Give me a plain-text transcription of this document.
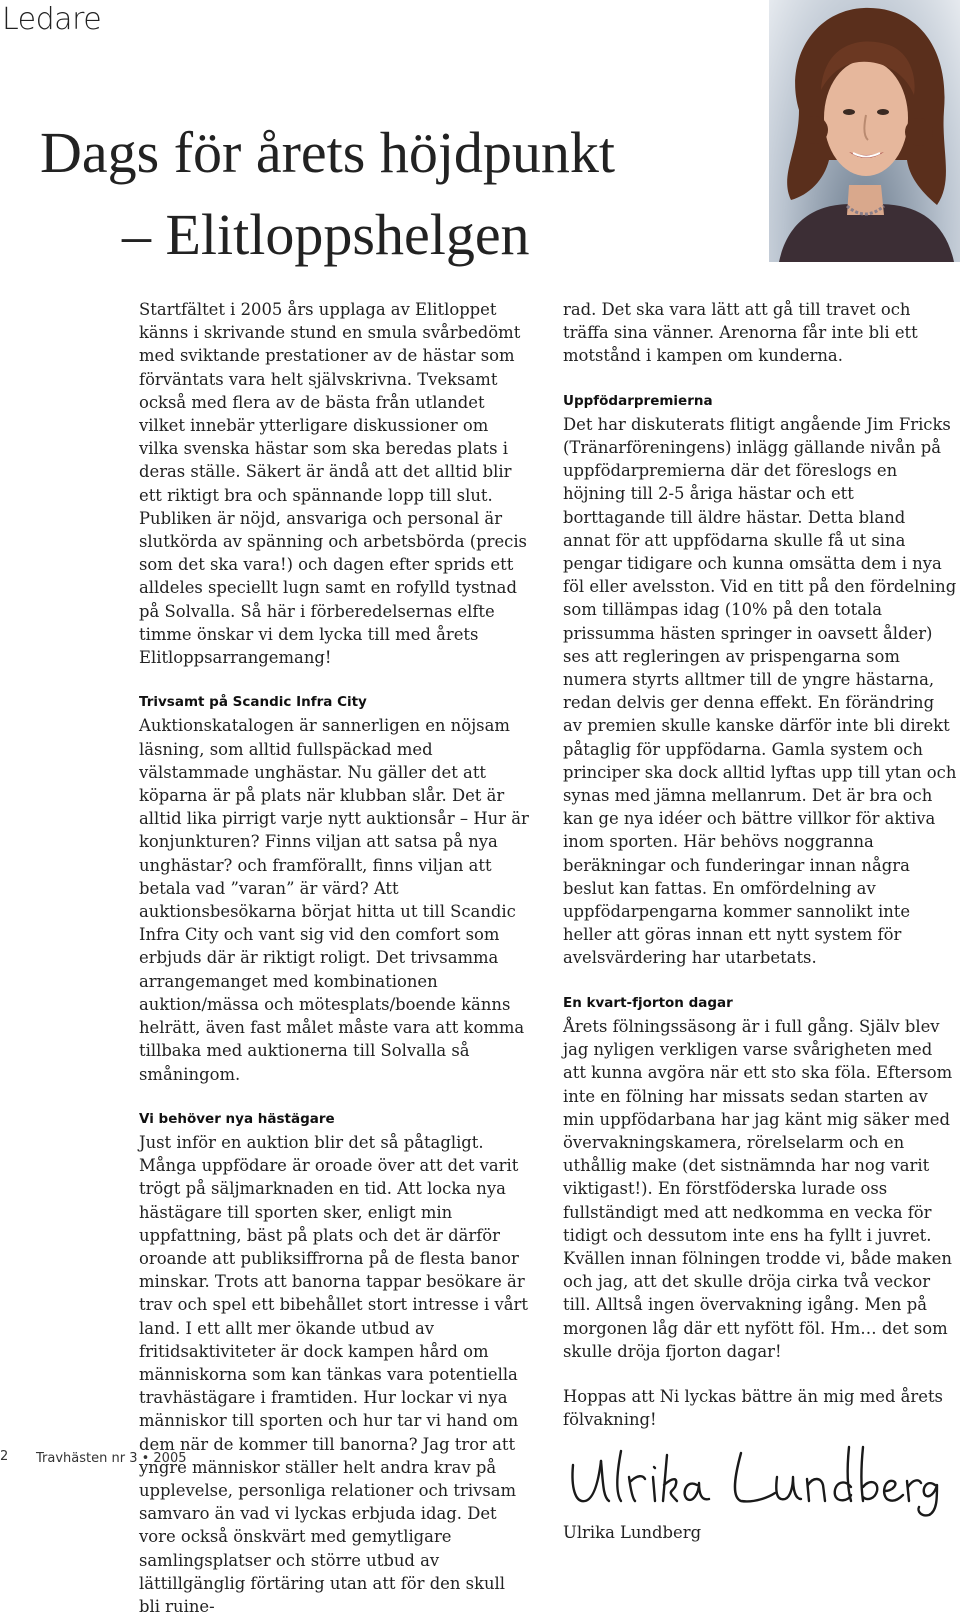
Ledare
Dags för årets höjdpunkt
– Elitloppshelgen

Startfältet i 2005 års upplaga av Elitloppet känns i skrivande stund en smula svårbedömt med sviktande prestationer av de hästar som förväntats vara helt självskrivna. Tveksamt också med flera av de bästa från utlandet vilket innebär ytterligare diskussioner om vilka svenska hästar som ska beredas plats i deras ställe. Säkert är ändå att det alltid blir ett riktigt bra och spännande lopp till slut. Publiken är nöjd, ansvariga och personal är slutkörda av spänning och arbetsbörda (precis som det ska vara!) och dagen efter sprids ett alldeles speciellt lugn samt en rofylld tystnad på Solvalla. Så här i förberedelsernas elfte timme önskar vi dem lycka till med årets Elitloppsarrangemang!

Trivsamt på Scandic Infra City

Auktionskatalogen är sannerligen en nöjsam läsning, som alltid fullspäckad med välstammade unghästar. Nu gäller det att köparna är på plats när klubban slår. Det är alltid lika pirrigt varje nytt auktionsår – Hur är konjunkturen? Finns viljan att satsa på nya unghästar? och framförallt, finns viljan att betala vad ”varan” är värd? Att auktionsbesökarna börjat hitta ut till Scandic Infra City och vant sig vid den comfort som erbjuds där är riktigt roligt. Det trivsamma arrangemanget med kombinationen auktion/mässa och mötesplats/boende känns helrätt, även fast målet måste vara att komma tillbaka med auktionerna till Solvalla så småningom.

Vi behöver nya hästägare

Just inför en auktion blir det så påtagligt. Många uppfödare är oroade över att det varit trögt på säljmarknaden en tid. Att locka nya hästägare till sporten sker, enligt min uppfattning, bäst på plats och det är därför oroande att publiksiffrorna på de flesta banor minskar. Trots att banorna tappar besökare är trav och spel ett bibehållet stort intresse i vårt land. I ett allt mer ökande utbud av fritidsaktiviteter är dock kampen hård om människorna som kan tänkas vara potentiella travhästägare i framtiden. Hur lockar vi nya människor till sporten och hur tar vi hand om dem när de kommer till banorna? Jag tror att yngre människor ställer helt andra krav på upplevelse, personliga relationer och trivsam samvaro än vad vi lyckas erbjuda idag. Det vore också önskvärt med gemytligare samlingsplatser och större utbud av lättillgänglig förtäring utan att för den skull bli ruine-

rad. Det ska vara lätt att gå till travet och träffa sina vänner. Arenorna får inte bli ett motstånd i kampen om kunderna.

Uppfödarpremierna

Det har diskuterats flitigt angående Jim Fricks (Tränarföreningens) inlägg gällande nivån på uppfödarpremierna där det föreslogs en höjning till 2-5 åriga hästar och ett borttagande till äldre hästar. Detta bland annat för att uppfödarna skulle få ut sina pengar tidigare och kunna omsätta dem i nya föl eller avelsston. Vid en titt på den fördelning som tillämpas idag (10% på den totala prissumma hästen springer in oavsett ålder) ses att regleringen av prispengarna som numera styrts alltmer till de yngre hästarna, redan delvis ger denna effekt. En förändring av premien skulle kanske därför inte bli direkt påtaglig för uppfödarna. Gamla system och principer ska dock alltid lyftas upp till ytan och synas med jämna mellanrum. Det är bra och kan ge nya idéer och bättre villkor för aktiva inom sporten. Här behövs noggranna beräkningar och funderingar innan några beslut kan fattas. En omfördelning av uppfödarpengarna kommer sannolikt inte heller att göras innan ett nytt system för avelsvärdering har utarbetats.

En kvart-fjorton dagar

Årets fölningssäsong är i full gång. Själv blev jag nyligen verkligen varse svårigheten med att kunna avgöra när ett sto ska föla. Eftersom inte en fölning har missats sedan starten av min uppfödarbana har jag känt mig säker med övervakningskamera, rörelselarm och en uthållig make (det sistnämnda har nog varit viktigast!). En förstföderska lurade oss fullständigt med att nedkomma en vecka för tidigt och dessutom inte ens ha fyllt i juvret. Kvällen innan fölningen trodde vi, både maken och jag, att det skulle dröja cirka två veckor till. Alltså ingen övervakning igång. Men på morgonen låg där ett nyfött föl. Hm… det som skulle dröja fjorton dagar!

Hoppas att Ni lyckas bättre än mig med årets fölvakning!

Ulrika Lundberg

2 Travhästen nr 3 • 2005
